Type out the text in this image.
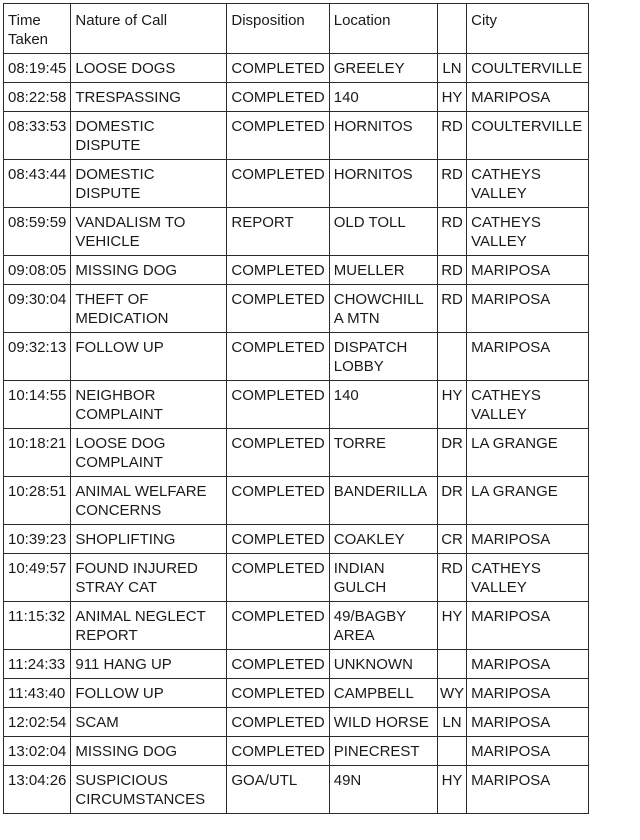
Time Taken	Nature of Call	Disposition	Location		City
08:19:45	LOOSE DOGS	COMPLETED	GREELEY	LN	COULTERVILLE
08:22:58	TRESPASSING	COMPLETED	140	HY	MARIPOSA
08:33:53	DOMESTIC DISPUTE	COMPLETED	HORNITOS	RD	COULTERVILLE
08:43:44	DOMESTIC DISPUTE	COMPLETED	HORNITOS	RD	CATHEYS VALLEY
08:59:59	VANDALISM TO VEHICLE	REPORT	OLD TOLL	RD	CATHEYS VALLEY
09:08:05	MISSING DOG	COMPLETED	MUELLER	RD	MARIPOSA
09:30:04	THEFT OF MEDICATION	COMPLETED	CHOWCHILLA MTN	RD	MARIPOSA
09:32:13	FOLLOW UP	COMPLETED	DISPATCH LOBBY		MARIPOSA
10:14:55	NEIGHBOR COMPLAINT	COMPLETED	140	HY	CATHEYS VALLEY
10:18:21	LOOSE DOG COMPLAINT	COMPLETED	TORRE	DR	LA GRANGE
10:28:51	ANIMAL WELFARE CONCERNS	COMPLETED	BANDERILLA	DR	LA GRANGE
10:39:23	SHOPLIFTING	COMPLETED	COAKLEY	CR	MARIPOSA
10:49:57	FOUND INJURED STRAY CAT	COMPLETED	INDIAN GULCH	RD	CATHEYS VALLEY
11:15:32	ANIMAL NEGLECT REPORT	COMPLETED	49/BAGBY AREA	HY	MARIPOSA
11:24:33	911 HANG UP	COMPLETED	UNKNOWN		MARIPOSA
11:43:40	FOLLOW UP	COMPLETED	CAMPBELL	WY	MARIPOSA
12:02:54	SCAM	COMPLETED	WILD HORSE	LN	MARIPOSA
13:02:04	MISSING DOG	COMPLETED	PINECREST		MARIPOSA
13:04:26	SUSPICIOUS CIRCUMSTANCES	GOA/UTL	49N	HY	MARIPOSA
